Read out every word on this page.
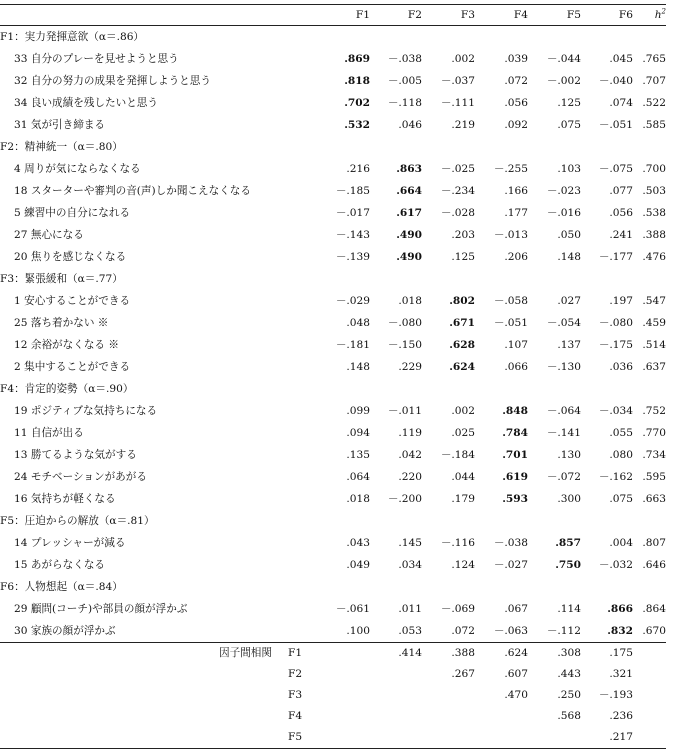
	F1	F2	F3	F4	F5	F6	$h^2$
F1：実力発揮意欲（α＝.86）							
33 自分のプレーを見せようと思う	.869	－.038	.002	.039	－.044	.045	.765
32 自分の努力の成果を発揮しようと思う	.818	－.005	－.037	.072	－.002	－.040	.707
34 良い成績を残したいと思う	.702	－.118	－.111	.056	.125	.074	.522
31 気が引き締まる	.532	.046	.219	.092	.075	－.051	.585
F2：精神統一（α＝.80）							
4 周りが気にならなくなる	.216	.863	－.025	－.255	.103	－.075	.700
18 スターターや審判の音(声)しか聞こえなくなる	－.185	.664	－.234	.166	－.023	.077	.503
5 練習中の自分になれる	－.017	.617	－.028	.177	－.016	.056	.538
27 無心になる	－.143	.490	.203	－.013	.050	.241	.388
20 焦りを感じなくなる	－.139	.490	.125	.206	.148	－.177	.476
F3：緊張緩和（α＝.77）							
1 安心することができる	－.029	.018	.802	－.058	.027	.197	.547
25 落ち着かない ※	.048	－.080	.671	－.051	－.054	－.080	.459
12 余裕がなくなる ※	－.181	－.150	.628	.107	.137	－.175	.514
2 集中することができる	.148	.229	.624	.066	－.130	.036	.637
F4：肯定的姿勢（α＝.90）							
19 ポジティブな気持ちになる	.099	－.011	.002	.848	－.064	－.034	.752
11 自信が出る	.094	.119	.025	.784	－.141	.055	.770
13 勝てるような気がする	.135	.042	－.184	.701	.130	.080	.734
24 モチベーションがあがる	.064	.220	.044	.619	－.072	－.162	.595
16 気持ちが軽くなる	.018	－.200	.179	.593	.300	.075	.663
F5：圧迫からの解放（α＝.81）							
14 プレッシャーが減る	.043	.145	－.116	－.038	.857	.004	.807
15 あがらなくなる	.049	.034	.124	－.027	.750	－.032	.646
F6：人物想起（α＝.84）							
29 顧問(コーチ)や部員の顔が浮かぶ	－.061	.011	－.069	.067	.114	.866	.864
30 家族の顔が浮かぶ	.100	.053	.072	－.063	－.112	.832	.670
因子間相関	F1	.414	.388	.624	.308	.175	
	F2		.267	.607	.443	.321	
	F3			.470	.250	－.193	
	F4				.568	.236	
	F5					.217	
